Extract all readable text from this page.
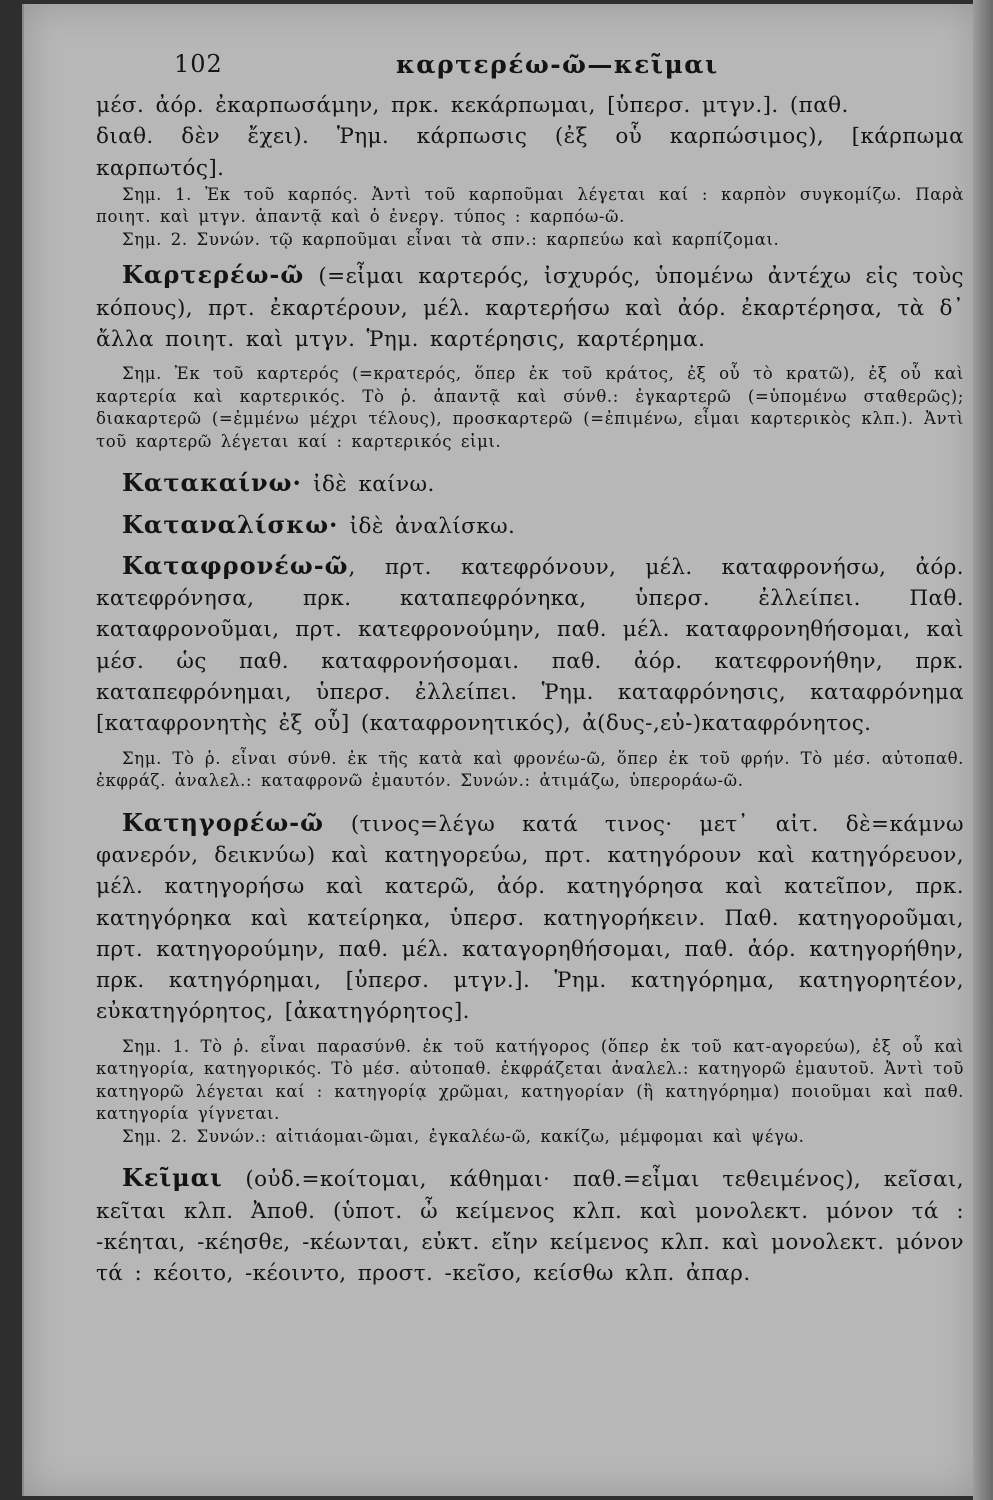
102	καρτερέω-ῶ—κεῖμαι

μέσ. ἀόρ. ἐκαρπωσάμην, πρκ. κεκάρπωμαι, [ὑπερσ. μτγν.]. (παθ.

διαθ. δὲν ἔχει). Ῥημ. κάρπωσις (ἐξ οὗ καρπώσιμος), [κάρπωμα καρπωτός].

Σημ. 1. Ἐκ τοῦ καρπός. Ἀντὶ τοῦ καρποῦμαι λέγεται καί : καρπὸν συγκομίζω. Παρὰ ποιητ. καὶ μτγν. ἀπαντᾷ καὶ ὁ ἐνεργ. τύπος : καρπόω-ῶ.

Σημ. 2. Συνών. τῷ καρποῦμαι εἶναι τὰ σπν.: καρπεύω καὶ καρπίζομαι.

Καρτερέω-ῶ (=εἶμαι καρτερός, ἰσχυρός, ὑπομένω ἀντέχω εἰς τοὺς κόπους), πρτ. ἐκαρτέρουν, μέλ. καρτερήσω καὶ ἀόρ. ἐκαρτέρησα, τὰ δ᾽ ἄλλα ποιητ. καὶ μτγν. Ῥημ. καρτέρησις, καρτέρημα.

Σημ. Ἐκ τοῦ καρτερός (=κρατερός, ὅπερ ἐκ τοῦ κράτος, ἐξ οὗ τὸ κρατῶ), ἐξ οὗ καὶ καρτερία καὶ καρτερικός. Τὸ ῥ. ἀπαντᾷ καὶ σύνθ.: ἐγκαρτερῶ (=ὑπομένω σταθερῶς); διακαρτερῶ (=ἐμμένω μέχρι τέλους), προσκαρτερῶ (=ἐπιμένω, εἶμαι καρτερικὸς κλπ.). Ἀντὶ τοῦ καρτερῶ λέγεται καί : καρτερικός εἰμι.

Κατακαίνω· ἰδὲ καίνω.

Καταναλίσκω· ἰδὲ ἀναλίσκω.

Καταφρονέω-ῶ, πρτ. κατεφρόνουν, μέλ. καταφρονήσω, ἀόρ. κατεφρόνησα, πρκ. καταπεφρόνηκα, ὑπερσ. ἐλλείπει. Παθ. καταφρονοῦμαι, πρτ. κατεφρονούμην, παθ. μέλ. καταφρονηθήσομαι, καὶ μέσ. ὡς παθ. καταφρονήσομαι. παθ. ἀόρ. κατεφρονήθην, πρκ. καταπεφρόνημαι, ὑπερσ. ἐλλείπει. Ῥημ. καταφρόνησις, καταφρόνημα [καταφρονητὴς ἐξ οὗ] (καταφρονητικός), ἀ(δυς-,εὐ-)καταφρόνητος.

Σημ. Τὸ ῥ. εἶναι σύνθ. ἐκ τῆς κατὰ καὶ φρονέω-ῶ, ὅπερ ἐκ τοῦ φρήν. Τὸ μέσ. αὐτοπαθ. ἐκφράζ. ἀναλελ.: καταφρονῶ ἐμαυτόν. Συνών.: ἀτιμάζω, ὑπερoράω-ῶ.

Κατηγορέω-ῶ (τινος=λέγω κατά τινος· μετ᾽ αἰτ. δὲ=κάμνω φανερόν, δεικνύω) καὶ κατηγορεύω, πρτ. κατηγόρουν καὶ κατηγόρευον, μέλ. κατηγορήσω καὶ κατερῶ, ἀόρ. κατηγόρησα καὶ κατεῖπον, πρκ. κατηγόρηκα καὶ κατείρηκα, ὑπερσ. κατηγορήκειν. Παθ. κατηγοροῦμαι, πρτ. κατηγορούμην, παθ. μέλ. καταγορηθήσομαι, παθ. ἀόρ. κατηγορήθην, πρκ. κατηγόρημαι, [ὑπερσ. μτγν.]. Ῥημ. κατηγόρημα, κατηγορητέον, εὐκατηγόρητος, [ἀκατηγόρητος].

Σημ. 1. Τὸ ῥ. εἶναι παρασύνθ. ἐκ τοῦ κατήγορος (ὅπερ ἐκ τοῦ κατ-αγορεύω), ἐξ οὗ καὶ κατηγορία, κατηγορικός. Τὸ μέσ. αὐτοπαθ. ἐκφράζεται ἀναλελ.: κατηγορῶ ἐμαυτοῦ. Ἀντὶ τοῦ κατηγορῶ λέγεται καί : κατηγορίᾳ χρῶμαι, κατηγορίαν (ἢ κατηγόρημα) ποιοῦμαι καὶ παθ. κατηγορία γίγνεται.

Σημ. 2. Συνών.: αἰτιάομαι-ῶμαι, ἐγκαλέω-ῶ, κακίζω, μέμφομαι καὶ ψέγω.

Κεῖμαι (οὐδ.=κοίτομαι, κάθημαι· παθ.=εἶμαι τεθειμένος), κεῖσαι, κεῖται κλπ. Ἀποθ. (ὑποτ. ὦ κείμενος κλπ. καὶ μονολεκτ. μόνον τά : -κέηται, -κέησθε, -κέωνται, εὐκτ. εἴην κείμενος κλπ. καὶ μονολεκτ. μόνον τά : κέοιτο, -κέοιντο, προστ. -κεῖσο, κείσθω κλπ. ἀπαρ.
